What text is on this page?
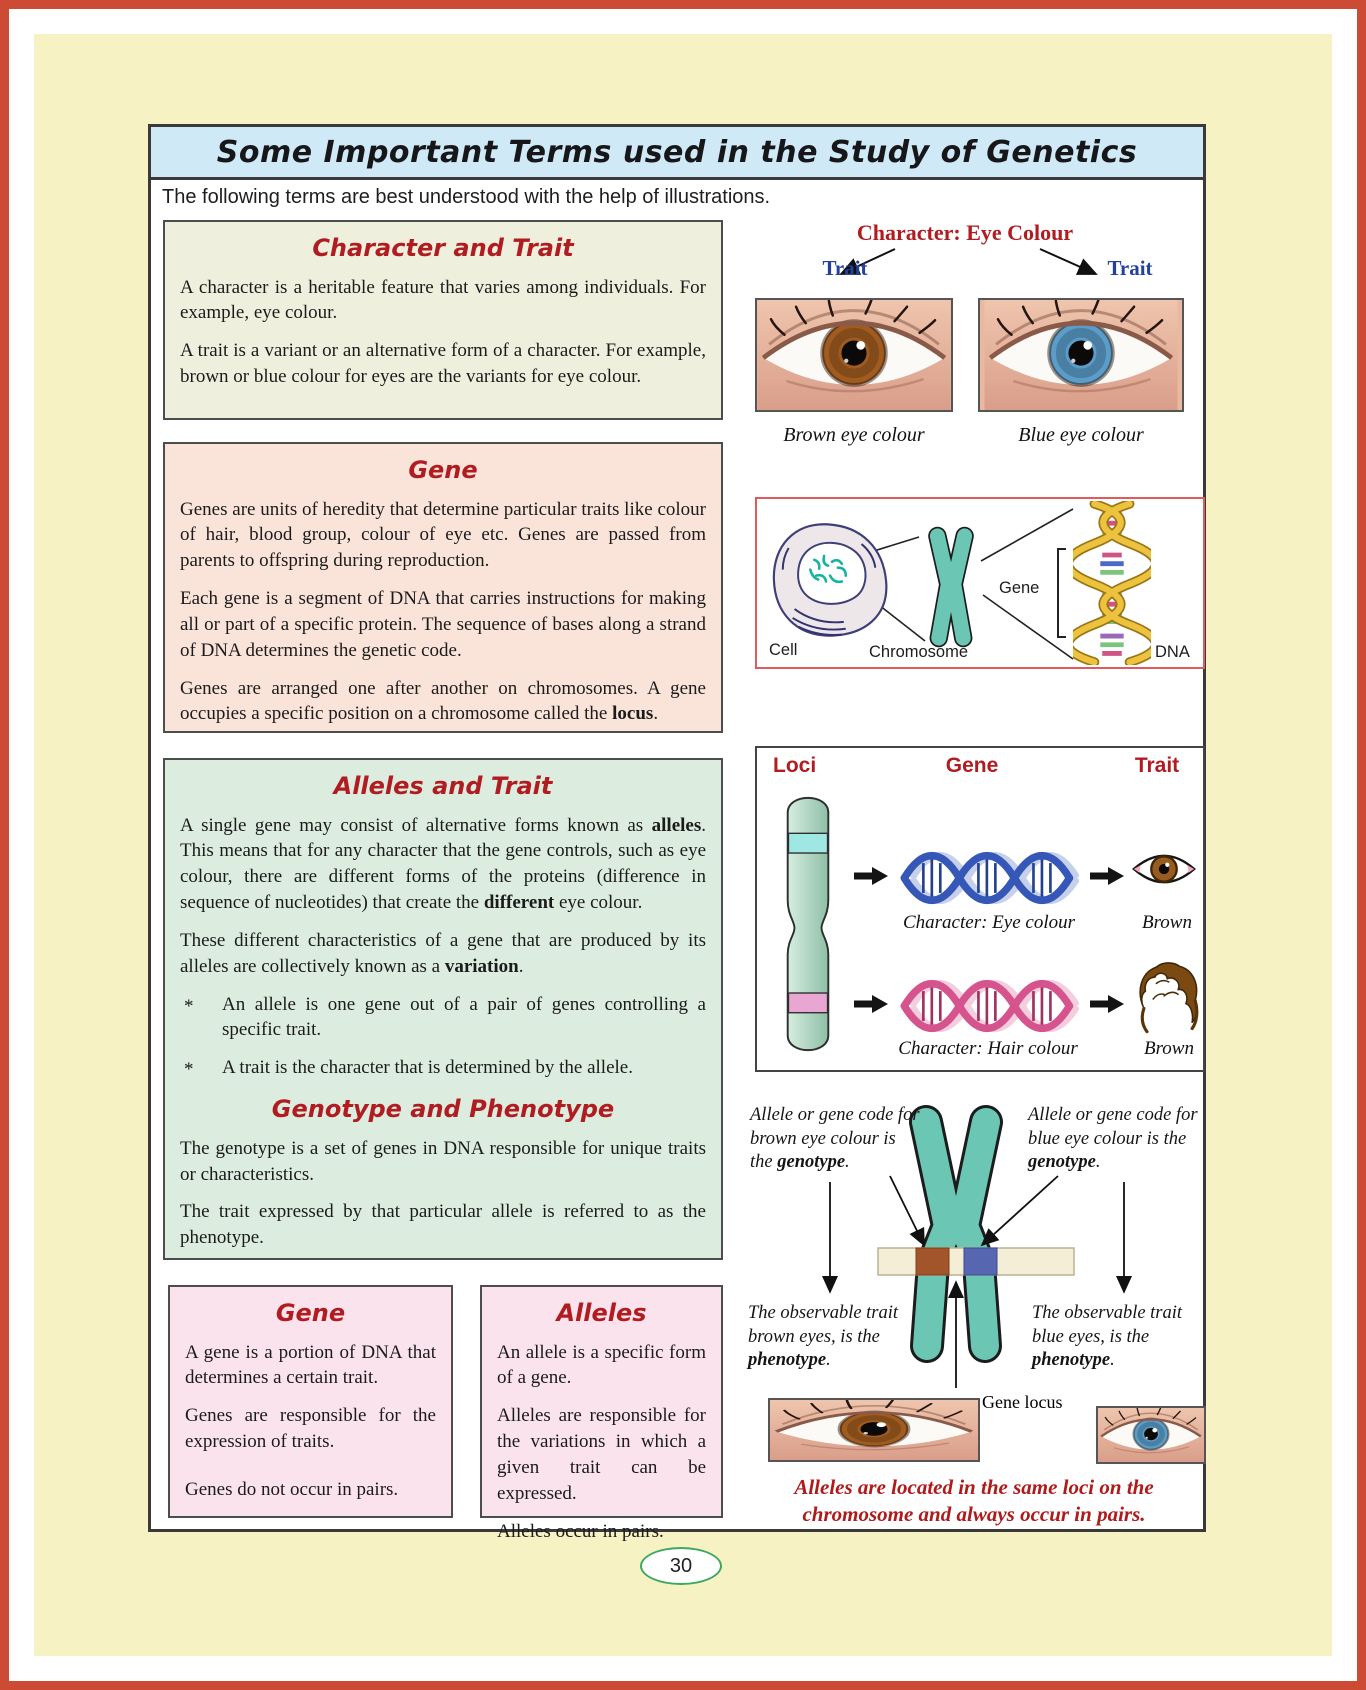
Some Important Terms used in the Study of Genetics
The following terms are best understood with the help of illustrations.
Character and Trait

A character is a heritable feature that varies among individuals. For example, eye colour.

A trait is a variant or an alternative form of a character. For example, brown or blue colour for eyes are the variants for eye colour.

Gene

Genes are units of heredity that determine particular traits like colour of hair, blood group, colour of eye etc. Genes are passed from parents to offspring during reproduction.

Each gene is a segment of DNA that carries instructions for making all or part of a specific protein. The sequence of bases along a strand of DNA determines the genetic code.

Genes are arranged one after another on chromosomes. A gene occupies a specific position on a chromosome called the locus.

Alleles and Trait

A single gene may consist of alternative forms known as alleles. This means that for any character that the gene controls, such as eye colour, there are different forms of the proteins (difference in sequence of nucleotides) that create the different eye colour.

These different characteristics of a gene that are produced by its alleles are collectively known as a variation.

* An allele is one gene out of a pair of genes controlling a specific trait.
* A trait is the character that is determined by the allele.
Genotype and Phenotype

The genotype is a set of genes in DNA responsible for unique traits or characteristics.

The trait expressed by that particular allele is referred to as the phenotype.

Gene

A gene is a portion of DNA that determines a certain trait.

Genes are responsible for the expression of traits.

Genes do not occur in pairs.

Alleles

An allele is a specific form of a gene.

Alleles are responsible for the variations in which a given trait can be expressed.

Alleles occur in pairs.

Character: Eye Colour
Trait	Trait
Brown eye colour	Blue eye colour
Cell	Chromosome
Gene
DNA
Loci	Gene	Trait
Character: Eye colour	Brown
Character: Hair colour	Brown
Allele or gene code for brown eye colour is the genotype.
Allele or gene code for blue eye colour is the genotype.
The observable trait brown eyes, is the phenotype.
The observable trait blue eyes, is the phenotype.
Gene locus
Alleles are located in the same loci on the chromosome and always occur in pairs.
30
